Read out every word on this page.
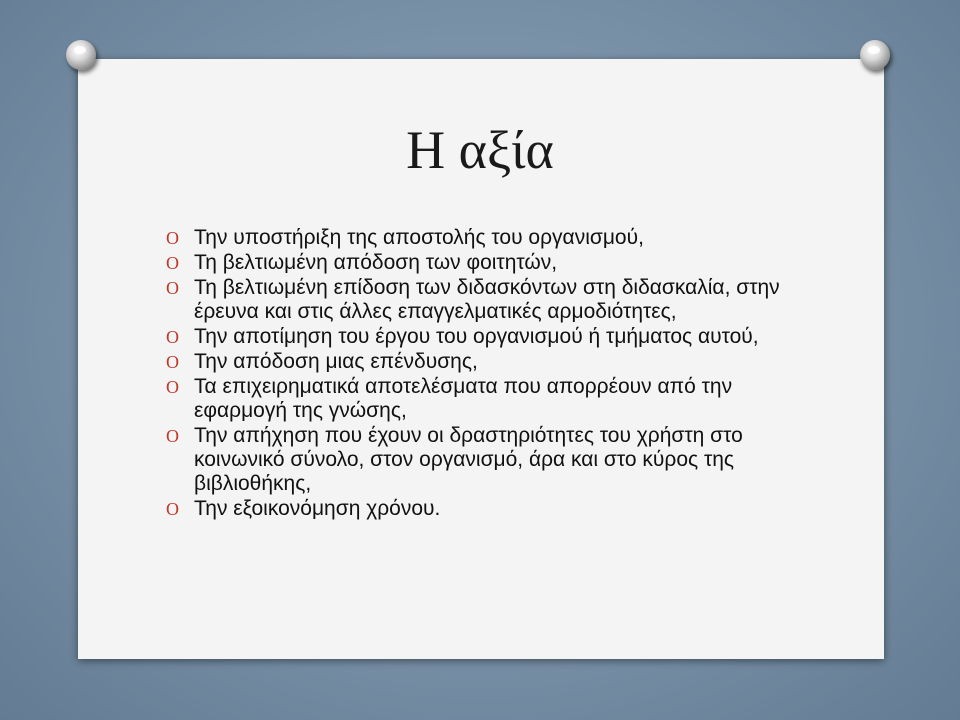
Η αξία
O Την υποστήριξη της αποστολής του οργανισμού,
O Τη βελτιωμένη απόδοση των φοιτητών,
O Τη βελτιωμένη επίδοση των διδασκόντων στη διδασκαλία, στην έρευνα και στις άλλες επαγγελματικές αρμοδιότητες,
O Την αποτίμηση του έργου του οργανισμού ή τμήματος αυτού,
O Την απόδοση μιας επένδυσης,
O Τα επιχειρηματικά αποτελέσματα που απορρέουν από την εφαρμογή της γνώσης,
O Την απήχηση που έχουν οι δραστηριότητες του χρήστη στο κοινωνικό σύνολο, στον οργανισμό, άρα και στο κύρος της βιβλιοθήκης,
O Την εξοικονόμηση χρόνου.
